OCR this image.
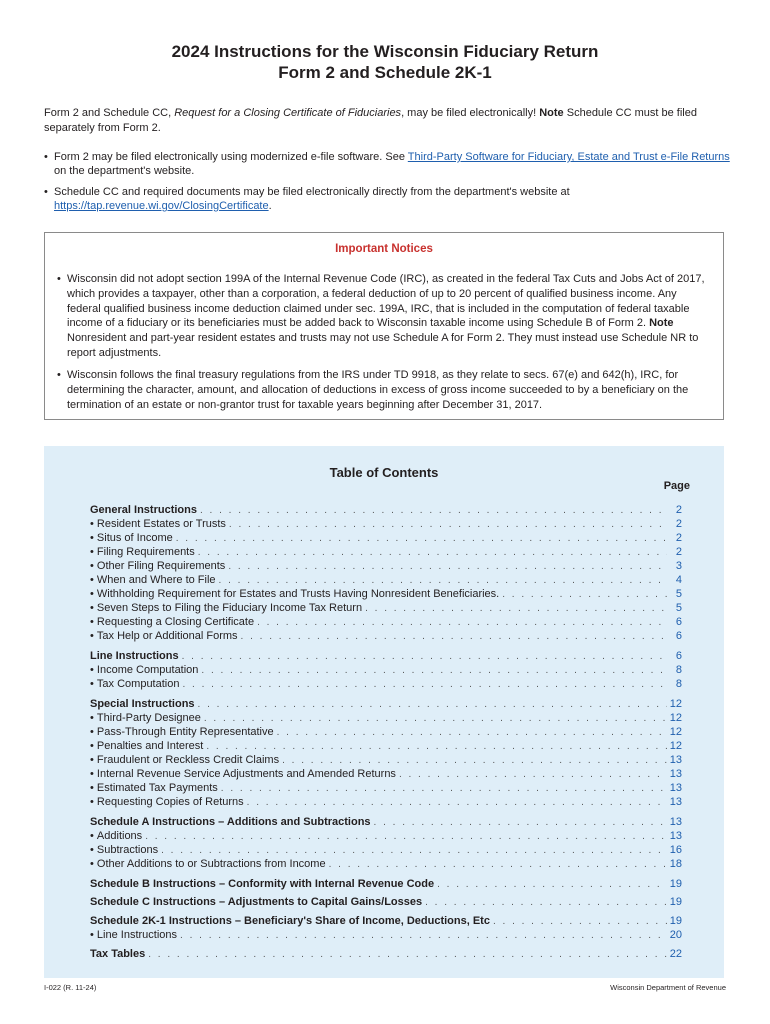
2024 Instructions for the Wisconsin Fiduciary Return
Form 2 and Schedule 2K-1
Form 2 and Schedule CC, Request for a Closing Certificate of Fiduciaries, may be filed electronically! Note Schedule CC must be filed separately from Form 2.
• Form 2 may be filed electronically using modernized e-file software. See Third-Party Software for Fiduciary, Estate and Trust e-File Returns on the department's website.
• Schedule CC and required documents may be filed electronically directly from the department's website at https://tap.revenue.wi.gov/ClosingCertificate.
Important Notices
• Wisconsin did not adopt section 199A of the Internal Revenue Code (IRC), as created in the federal Tax Cuts and Jobs Act of 2017, which provides a taxpayer, other than a corporation, a federal deduction of up to 20 percent of qualified business income. Any federal qualified business income deduction claimed under sec. 199A, IRC, that is included in the computation of federal taxable income of a fiduciary or its beneficiaries must be added back to Wisconsin taxable income using Schedule B of Form 2. Note Nonresident and part-year resident estates and trusts may not use Schedule A for Form 2. They must instead use Schedule NR to report adjustments.
• Wisconsin follows the final treasury regulations from the IRS under TD 9918, as they relate to secs. 67(e) and 642(h), IRC, for determining the character, amount, and allocation of deductions in excess of gross income succeeded to by a beneficiary on the termination of an estate or non-grantor trust for taxable years beginning after December 31, 2017.
Table of Contents
Page
General Instructions . . .	2
• Resident Estates or Trusts . . .	2
• Situs of Income . . .	2
• Filing Requirements . . .	2
• Other Filing Requirements . . .	3
• When and Where to File . . .	4
• Withholding Requirement for Estates and Trusts Having Nonresident Beneficiaries. . . .	5
• Seven Steps to Filing the Fiduciary Income Tax Return . . .	5
• Requesting a Closing Certificate . . .	6
• Tax Help or Additional Forms . . .	6
Line Instructions . . .	6
• Income Computation . . .	8
• Tax Computation . . .	8
Special Instructions . . .	12
• Third-Party Designee . . .	12
• Pass-Through Entity Representative . . .	12
• Penalties and Interest . . .	12
• Fraudulent or Reckless Credit Claims . . .	13
• Internal Revenue Service Adjustments and Amended Returns . . .	13
• Estimated Tax Payments . . .	13
• Requesting Copies of Returns . . .	13
Schedule A Instructions – Additions and Subtractions . . .	13
• Additions . . .	13
• Subtractions . . .	16
• Other Additions to or Subtractions from Income . . .	18
Schedule B Instructions – Conformity with Internal Revenue Code . . .	19
Schedule C Instructions – Adjustments to Capital Gains/Losses . . .	19
Schedule 2K-1 Instructions – Beneficiary's Share of Income, Deductions, Etc . . .	19
• Line Instructions . . .	20
Tax Tables . . .	22
I-022 (R. 11-24)	Wisconsin Department of Revenue
